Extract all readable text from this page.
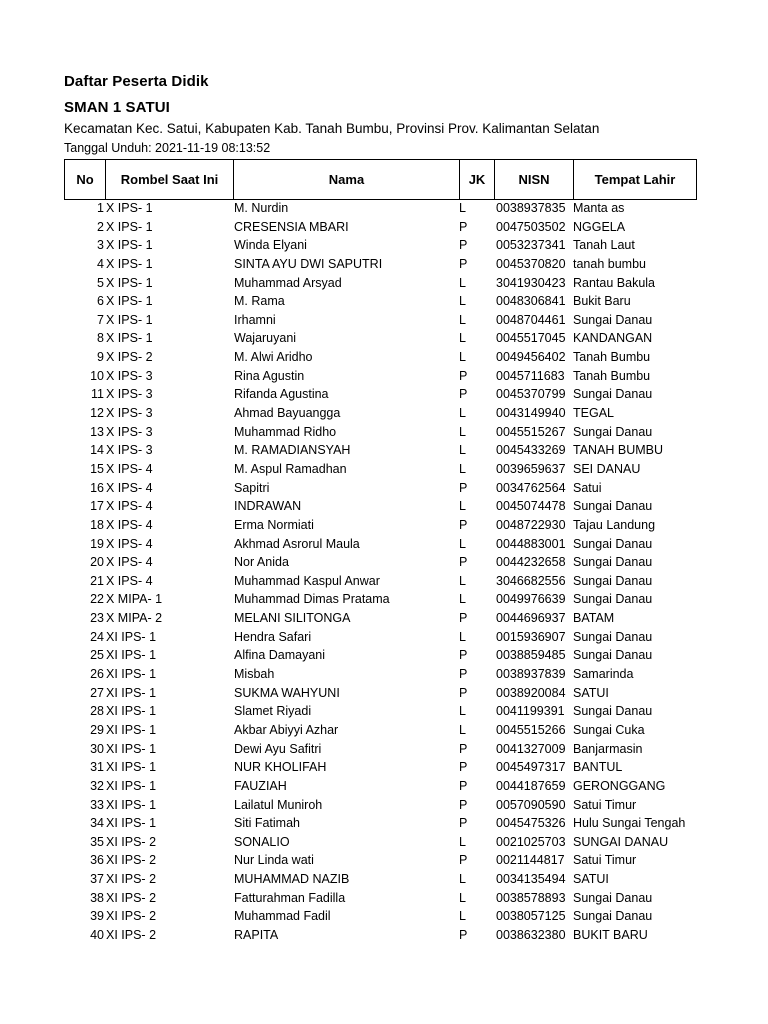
Daftar Peserta Didik
SMAN 1 SATUI
Kecamatan Kec. Satui, Kabupaten Kab. Tanah Bumbu, Provinsi Prov. Kalimantan Selatan
Tanggal Unduh: 2021-11-19 08:13:52
No	Rombel Saat Ini	Nama	JK	NISN	Tempat Lahir
1 X IPS- 1	M. Nurdin	L	0038937835 Manta as
2 X IPS- 1	CRESENSIA MBARI	P 0047503502 NGGELA
3 X IPS- 1	Winda Elyani	P 0053237341 Tanah Laut
4 X IPS- 1	SINTA AYU DWI SAPUTRI	P 0045370820 tanah bumbu
5 X IPS- 1	Muhammad Arsyad	L	3041930423 Rantau Bakula
6 X IPS- 1	M. Rama	L	0048306841 Bukit Baru
7 X IPS- 1	Irhamni	L	0048704461 Sungai Danau
8 X IPS- 1	Wajaruyani	L	0045517045 KANDANGAN
9 X IPS- 2	M. Alwi Aridho	L	0049456402 Tanah Bumbu
10 X IPS- 3	Rina Agustin	P 0045711683 Tanah Bumbu
11 X IPS- 3	Rifanda Agustina	P 0045370799 Sungai Danau
12 X IPS- 3	Ahmad Bayuangga	L	0043149940 TEGAL
13 X IPS- 3	Muhammad Ridho	L	0045515267 Sungai Danau
14 X IPS- 3	M. RAMADIANSYAH	L	0045433269 TANAH BUMBU
15 X IPS- 4	M. Aspul Ramadhan	L	0039659637 SEI DANAU
16 X IPS- 4	Sapitri	P 0034762564 Satui
17 X IPS- 4	INDRAWAN	L	0045074478 Sungai Danau
18 X IPS- 4	Erma Normiati	P 0048722930 Tajau Landung
19 X IPS- 4	Akhmad Asrorul Maula	L	0044883001 Sungai Danau
20 X IPS- 4	Nor Anida	P 0044232658 Sungai Danau
21 X IPS- 4	Muhammad Kaspul Anwar	L	3046682556 Sungai Danau
22 X MIPA- 1	Muhammad Dimas Pratama	L	0049976639 Sungai Danau
23 X MIPA- 2	MELANI SILITONGA	P 0044696937 BATAM
24 XI IPS- 1	Hendra Safari	L	0015936907 Sungai Danau
25 XI IPS- 1	Alfina Damayani	P 0038859485 Sungai Danau
26 XI IPS- 1	Misbah	P 0038937839 Samarinda
27 XI IPS- 1	SUKMA WAHYUNI	P 0038920084 SATUI
28 XI IPS- 1	Slamet Riyadi	L	0041199391 Sungai Danau
29 XI IPS- 1	Akbar Abiyyi Azhar	L	0045515266 Sungai Cuka
30 XI IPS- 1	Dewi Ayu Safitri	P 0041327009 Banjarmasin
31 XI IPS- 1	NUR KHOLIFAH	P 0045497317 BANTUL
32 XI IPS- 1	FAUZIAH	P 0044187659 GERONGGANG
33 XI IPS- 1	Lailatul Muniroh	P 0057090590 Satui Timur
34 XI IPS- 1	Siti Fatimah	P 0045475326 Hulu Sungai Tengah
35 XI IPS- 2	SONALIO	L	0021025703 SUNGAI DANAU
36 XI IPS- 2	Nur Linda wati	P 0021144817 Satui Timur
37 XI IPS- 2	MUHAMMAD NAZIB	L	0034135494 SATUI
38 XI IPS- 2	Fatturahman Fadilla	L	0038578893 Sungai Danau
39 XI IPS- 2	Muhammad Fadil	L	0038057125 Sungai Danau
40 XI IPS- 2	RAPITA	P 0038632380 BUKIT BARU
